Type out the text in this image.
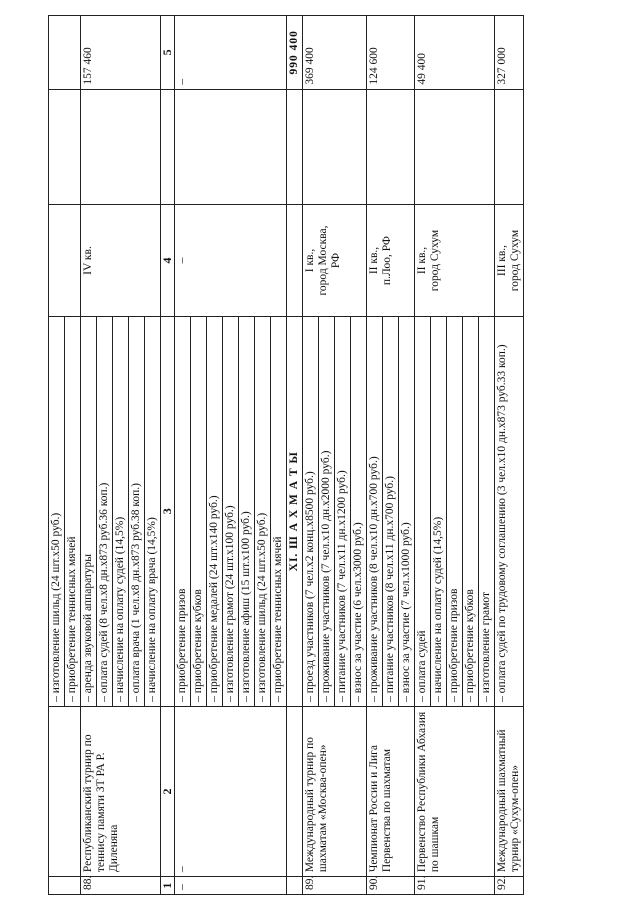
		– изготовление шильд (24 шт.x50 руб.)			
		– приобретение теннисных мячей			
88.	Республиканский турнир по теннису памяти ЗТ РА Р. Диленяна	– аренда звуковой аппаратуры	IV кв.		157 460
		– оплата судей (8 чел.x8 дн.x873 руб.36 коп.)			
		– начисление на оплату судей (14,5%)			
		– оплата врача (1 чел.x8 дн.x873 руб.38 коп.)			
		– начисление на оплату врача (14,5%)			
1	2	3	4		5
–	–	– приобретение призов	–		–
		– приобретение кубков			
		– приобретение медалей (24 шт.x140 руб.)			
		– изготовление грамот (24 шт.x100 руб.)			
		– изготовление афиш (15 шт.x100 руб.)			
		– изготовление шильд (24 шт.x50 руб.)			
		– приобретение теннисных мячей			
		XI. Ш А Х М А Т Ы			990 400
89.	Международный турнир по шахматам «Москва-опен»	– проезд участников (7 чел.x2 конц.x8500 руб.)	I кв.,
город Москва,
РФ		369 400
		– проживание участников (7 чел.x10 дн.x2000 руб.)			
		– питание участников (7 чел.x11 дн.x1200 руб.)			
		– взнос за участие (6 чел.x3000 руб.)			
90.	Чемпионат России и Лига Первенства по шахматам	– проживание участников (8 чел.x10 дн.x700 руб.)	II кв.,
п.Лоо, РФ		124 600
		– питание участников (8 чел.x11 дн.x700 руб.)			
		– взнос за участие (7 чел.x1000 руб.)			
91.	Первенство Республики Абхазия по шашкам	– оплата судей	II кв.,
город Сухум		49 400
		– начисление на оплату судей (14,5%)			
		– приобретение призов			
		– приобретение кубков			
		– изготовление грамот			
92.	Международный шахматный турнир «Сухум-опен»	– оплата судей по трудовому соглашению (3 чел.x10 дн.x873 руб.33 коп.)	III кв.,
город Сухум		327 000
